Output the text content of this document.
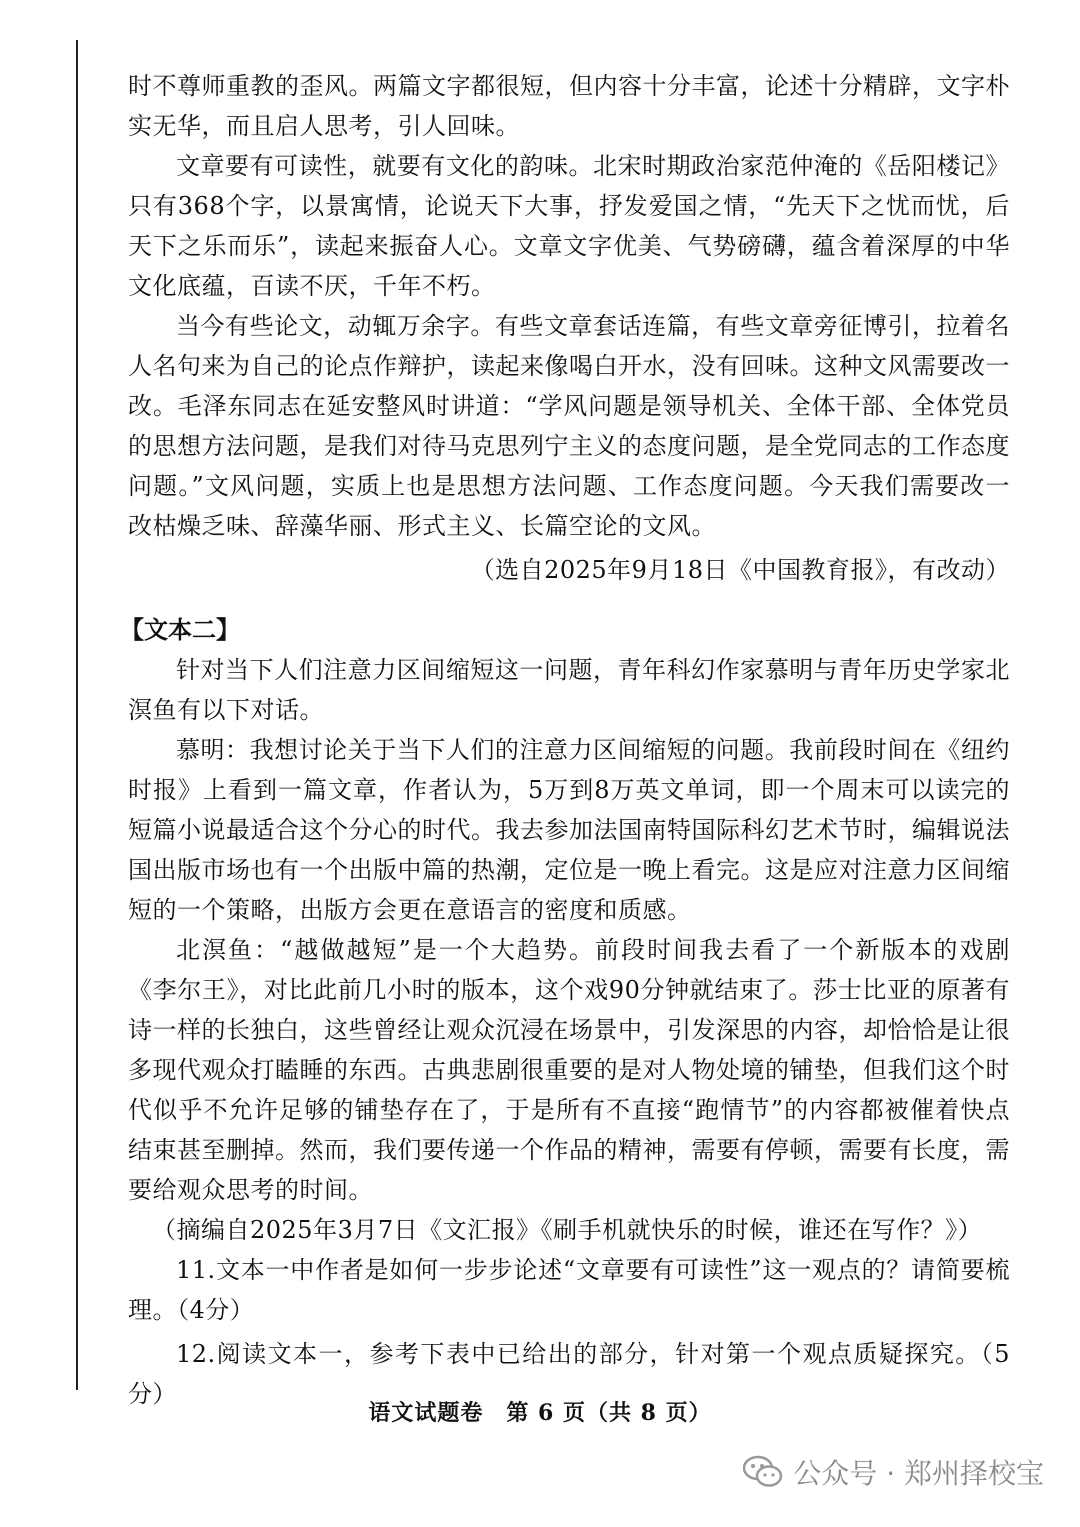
时不尊师重教的歪风。两篇文字都很短，但内容十分丰富，论述十分精辟，文字朴实无华，而且启人思考，引人回味。

文章要有可读性，就要有文化的韵味。北宋时期政治家范仲淹的《岳阳楼记》只有368个字，以景寓情，论说天下大事，抒发爱国之情，“先天下之忧而忧，后天下之乐而乐”，读起来振奋人心。文章文字优美、气势磅礴，蕴含着深厚的中华文化底蕴，百读不厌，千年不朽。

当今有些论文，动辄万余字。有些文章套话连篇，有些文章旁征博引，拉着名人名句来为自己的论点作辩护，读起来像喝白开水，没有回味。这种文风需要改一改。毛泽东同志在延安整风时讲道：“学风问题是领导机关、全体干部、全体党员的思想方法问题，是我们对待马克思列宁主义的态度问题，是全党同志的工作态度问题。”文风问题，实质上也是思想方法问题、工作态度问题。今天我们需要改一改枯燥乏味、辞藻华丽、形式主义、长篇空论的文风。

（选自2025年9月18日《中国教育报》，有改动）

【文本二】

针对当下人们注意力区间缩短这一问题，青年科幻作家慕明与青年历史学家北溟鱼有以下对话。

慕明：我想讨论关于当下人们的注意力区间缩短的问题。我前段时间在《纽约时报》上看到一篇文章，作者认为，5万到8万英文单词，即一个周末可以读完的短篇小说最适合这个分心的时代。我去参加法国南特国际科幻艺术节时，编辑说法国出版市场也有一个出版中篇的热潮，定位是一晚上看完。这是应对注意力区间缩短的一个策略，出版方会更在意语言的密度和质感。

北溟鱼：“越做越短”是一个大趋势。前段时间我去看了一个新版本的戏剧《李尔王》，对比此前几小时的版本，这个戏90分钟就结束了。莎士比亚的原著有诗一样的长独白，这些曾经让观众沉浸在场景中，引发深思的内容，却恰恰是让很多现代观众打瞌睡的东西。古典悲剧很重要的是对人物处境的铺垫，但我们这个时代似乎不允许足够的铺垫存在了，于是所有不直接“跑情节”的内容都被催着快点结束甚至删掉。然而，我们要传递一个作品的精神，需要有停顿，需要有长度，需要给观众思考的时间。

（摘编自2025年3月7日《文汇报》《刷手机就快乐的时候，谁还在写作？》）

11.文本一中作者是如何一步步论述“文章要有可读性”这一观点的？请简要梳理。（4分）

12.阅读文本一，参考下表中已给出的部分，针对第一个观点质疑探究。（5分）

语文试题卷　第 6 页（共 8 页）
公众号 · 郑州择校宝
